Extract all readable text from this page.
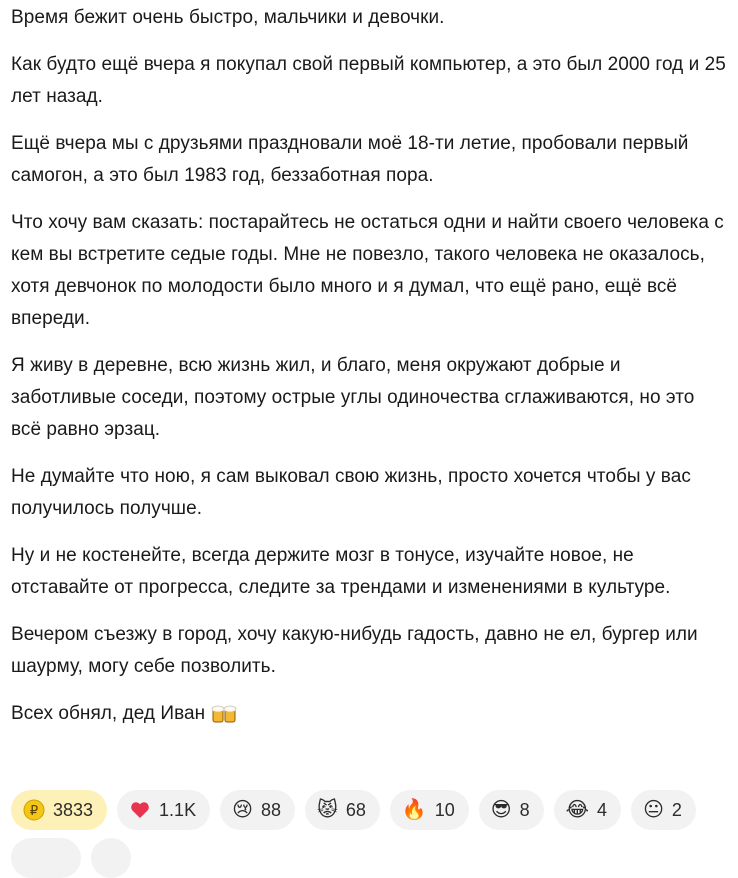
Время бежит очень быстро, мальчики и девочки.

Как будто ещё вчера я покупал свой первый компьютер, а это был 2000 год и 25 лет назад.

Ещё вчера мы с друзьями праздновали моё 18-ти летие, пробовали первый самогон, а это был 1983 год, беззаботная пора.

Что хочу вам сказать: постарайтесь не остаться одни и найти своего человека с кем вы встретите седые годы. Мне не повезло, такого человека не оказалось, хотя девчонок по молодости было много и я думал, что ещё рано, ещё всё впереди.

Я живу в деревне, всю жизнь жил, и благо, меня окружают добрые и заботливые соседи, поэтому острые углы одиночества сглаживаются, но это всё равно эрзац.

Не думайте что ною, я сам выковал свою жизнь, просто хочется чтобы у вас получилось получше.

Ну и не костенейте, всегда держите мозг в тонусе, изучайте новое, не отставайте от прогресса, следите за трендами и изменениями в культуре.

Вечером съезжу в город, хочу какую-нибудь гадость, давно не ел, бургер или шаурму, могу себе позволить.

Всех обнял, дед Иван

₽ 3833	1.1K 😢 88 😾 68 🔥 10 😎 8 😂 4 😐 2
